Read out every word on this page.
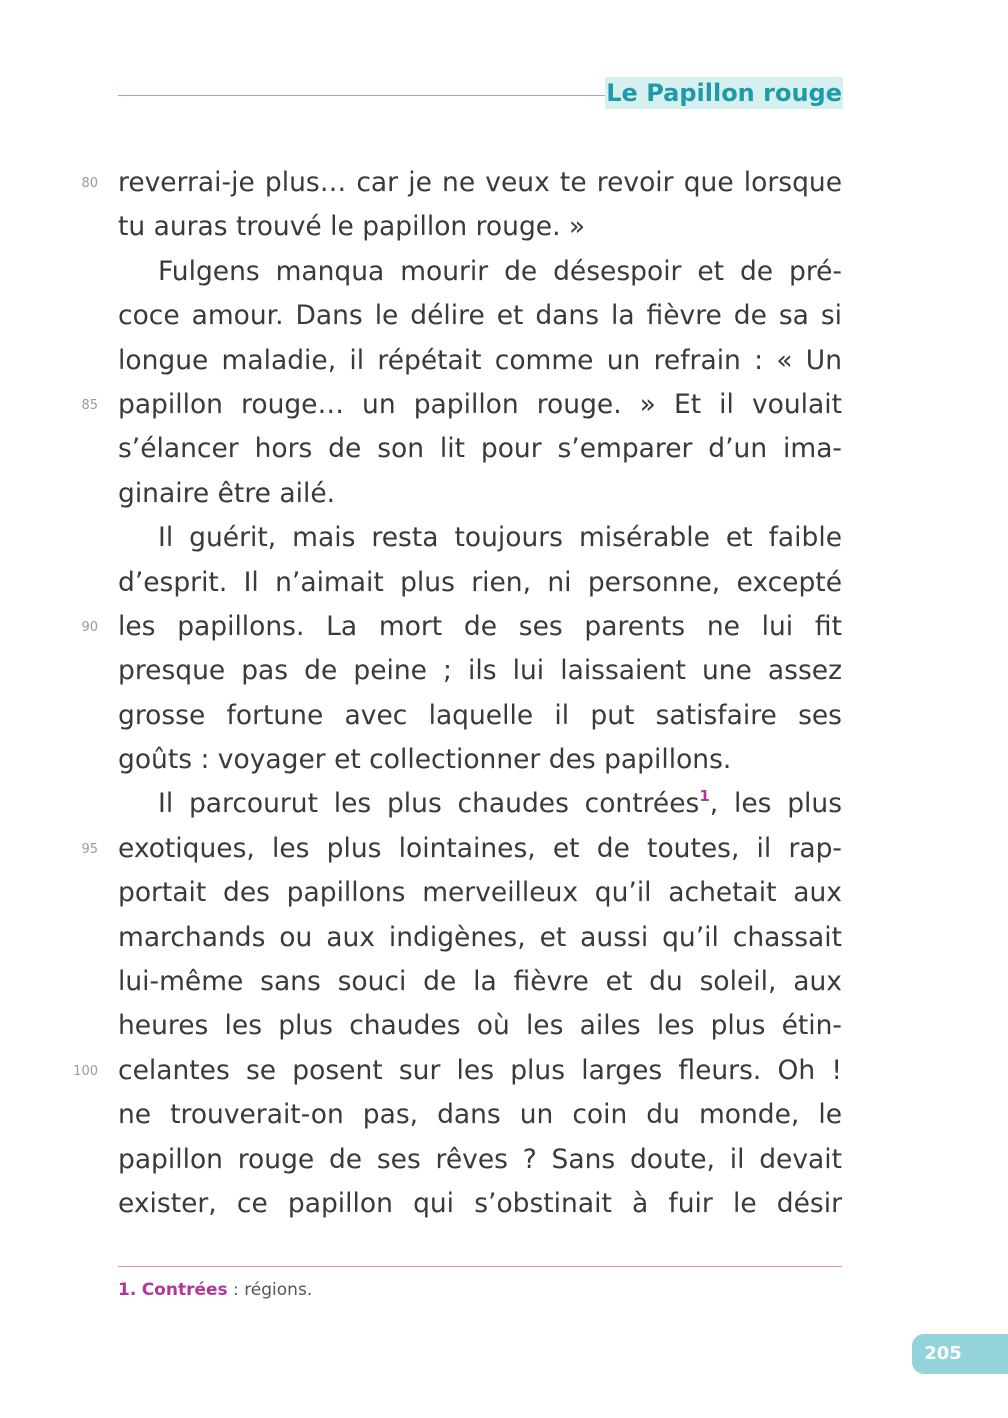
Le Papillon rouge
80 reverrai-je plus… car je ne veux te revoir que lorsque
tu auras trouvé le papillon rouge. »
Fulgens manqua mourir de désespoir et de pré-
coce amour. Dans le délire et dans la fièvre de sa si
longue maladie, il répétait comme un refrain : « Un
85 papillon rouge… un papillon rouge. » Et il voulait
s’élancer hors de son lit pour s’emparer d’un ima-
ginaire être ailé.
Il guérit, mais resta toujours misérable et faible
d’esprit. Il n’aimait plus rien, ni personne, excepté
90 les papillons. La mort de ses parents ne lui fit
presque pas de peine ; ils lui laissaient une assez
grosse fortune avec laquelle il put satisfaire ses
goûts : voyager et collectionner des papillons.
Il parcourut les plus chaudes contrées$^1$, les plus
95 exotiques, les plus lointaines, et de toutes, il rap-
portait des papillons merveilleux qu’il achetait aux
marchands ou aux indigènes, et aussi qu’il chassait
lui-même sans souci de la fièvre et du soleil, aux
heures les plus chaudes où les ailes les plus étin-
100 celantes se posent sur les plus larges fleurs. Oh !
ne trouverait-on pas, dans un coin du monde, le
papillon rouge de ses rêves ? Sans doute, il devait
exister, ce papillon qui s’obstinait à fuir le désir
1. Contrées : régions.
205
